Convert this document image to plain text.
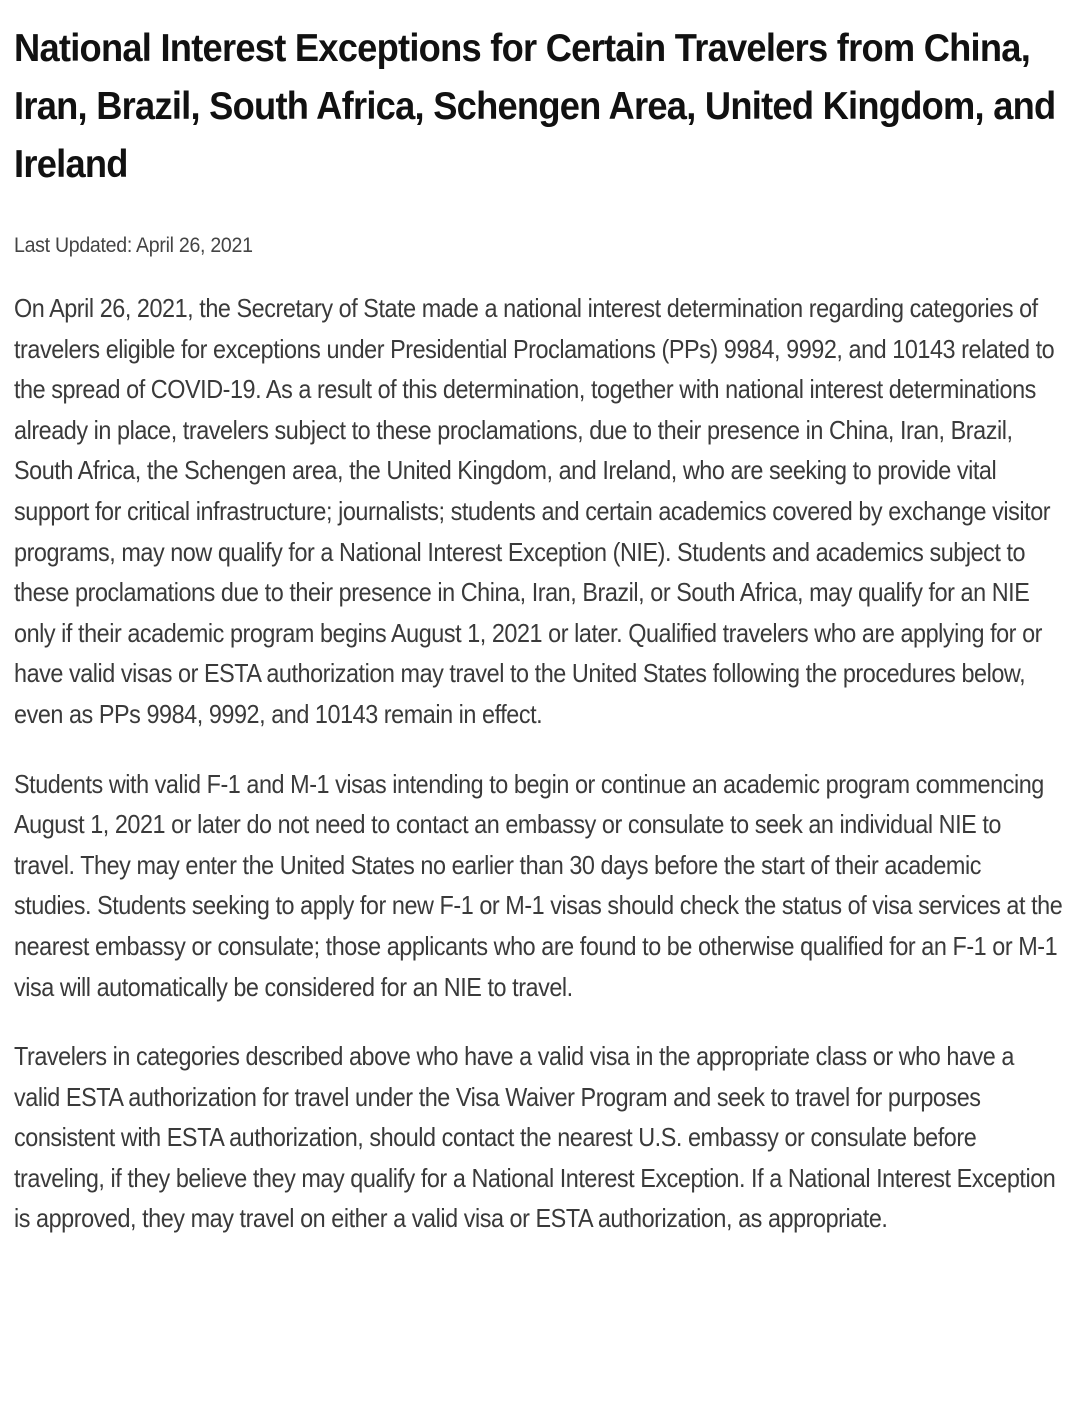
National Interest Exceptions for Certain Travelers from China, Iran, Brazil, South Africa, Schengen Area, United Kingdom, and Ireland
Last Updated: April 26, 2021

On April 26, 2021, the Secretary of State made a national interest determination regarding categories of travelers eligible for exceptions under Presidential Proclamations (PPs) 9984, 9992, and 10143 related to the spread of COVID-19. As a result of this determination, together with national interest determinations already in place, travelers subject to these proclamations, due to their presence in China, Iran, Brazil, South Africa, the Schengen area, the United Kingdom, and Ireland, who are seeking to provide vital support for critical infrastructure; journalists; students and certain academics covered by exchange visitor programs, may now qualify for a National Interest Exception (NIE). Students and academics subject to these proclamations due to their presence in China, Iran, Brazil, or South Africa, may qualify for an NIE only if their academic program begins August 1, 2021 or later. Qualified travelers who are applying for or have valid visas or ESTA authorization may travel to the United States following the procedures below, even as PPs 9984, 9992, and 10143 remain in effect.

Students with valid F-1 and M-1 visas intending to begin or continue an academic program commencing August 1, 2021 or later do not need to contact an embassy or consulate to seek an individual NIE to travel. They may enter the United States no earlier than 30 days before the start of their academic studies. Students seeking to apply for new F-1 or M-1 visas should check the status of visa services at the nearest embassy or consulate; those applicants who are found to be otherwise qualified for an F-1 or M-1 visa will automatically be considered for an NIE to travel.

Travelers in categories described above who have a valid visa in the appropriate class or who have a valid ESTA authorization for travel under the Visa Waiver Program and seek to travel for purposes consistent with ESTA authorization, should contact the nearest U.S. embassy or consulate before traveling, if they believe they may qualify for a National Interest Exception. If a National Interest Exception is approved, they may travel on either a valid visa or ESTA authorization, as appropriate.
